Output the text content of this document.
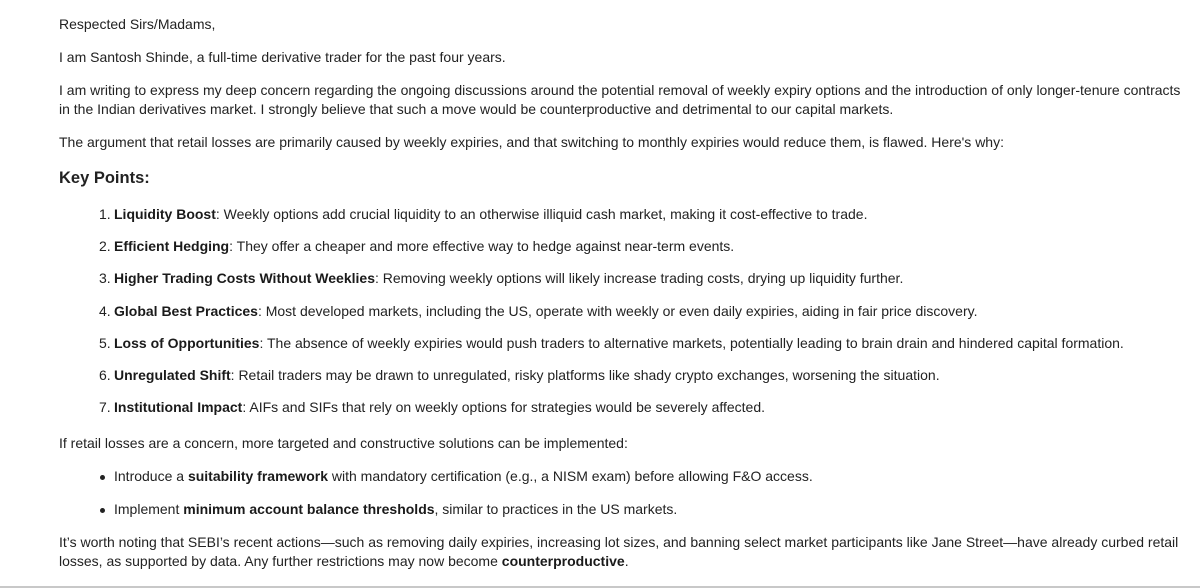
Respected Sirs/Madams,

I am Santosh Shinde, a full-time derivative trader for the past four years.

I am writing to express my deep concern regarding the ongoing discussions around the potential removal of weekly expiry options and the introduction of only longer-tenure contracts in the Indian derivatives market. I strongly believe that such a move would be counterproductive and detrimental to our capital markets.

The argument that retail losses are primarily caused by weekly expiries, and that switching to monthly expiries would reduce them, is flawed. Here's why:

Key Points:
1. Liquidity Boost: Weekly options add crucial liquidity to an otherwise illiquid cash market, making it cost-effective to trade.
2. Efficient Hedging: They offer a cheaper and more effective way to hedge against near-term events.
3. Higher Trading Costs Without Weeklies: Removing weekly options will likely increase trading costs, drying up liquidity further.
4. Global Best Practices: Most developed markets, including the US, operate with weekly or even daily expiries, aiding in fair price discovery.
5. Loss of Opportunities: The absence of weekly expiries would push traders to alternative markets, potentially leading to brain drain and hindered capital formation.
6. Unregulated Shift: Retail traders may be drawn to unregulated, risky platforms like shady crypto exchanges, worsening the situation.
7. Institutional Impact: AIFs and SIFs that rely on weekly options for strategies would be severely affected.

If retail losses are a concern, more targeted and constructive solutions can be implemented:

Introduce a suitability framework with mandatory certification (e.g., a NISM exam) before allowing F&O access.
Implement minimum account balance thresholds, similar to practices in the US markets.

It’s worth noting that SEBI’s recent actions—such as removing daily expiries, increasing lot sizes, and banning select market participants like Jane Street—have already curbed retail losses, as supported by data. Any further restrictions may now become counterproductive.
